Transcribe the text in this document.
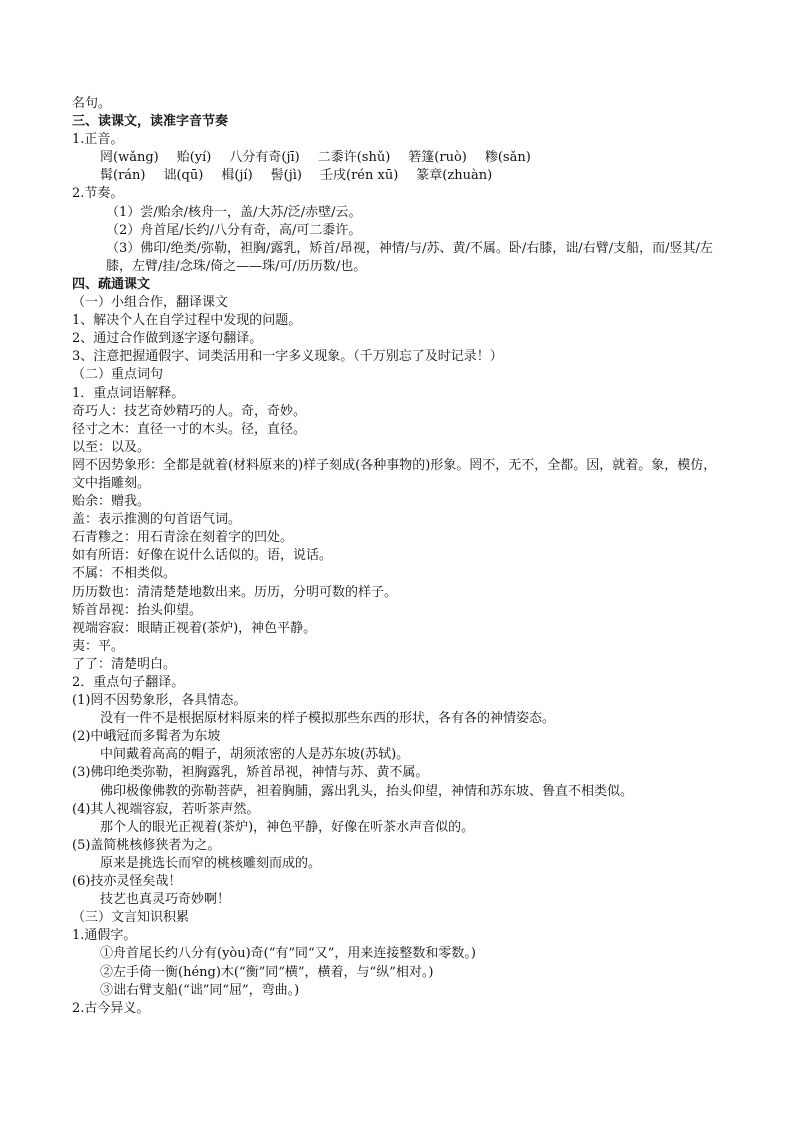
名句。
三、读课文，读准字音节奏
1.正音。
罔(wǎng) 贻(yí) 八分有奇(jī) 二黍许(shǔ) 箬篷(ruò) 糁(sǎn)
髯(rán) 诎(qū) 楫(jí) 髻(jì) 壬戌(rén xū) 篆章(zhuàn)
2.节奏。
（1）尝/贻余/核舟一，盖/大苏/泛/赤壁/云。
（2）舟首尾/长约/八分有奇，高/可二黍许。
（3）佛印/绝类/弥勒，袒胸/露乳，矫首/昂视，神情/与/苏、黄/不属。卧/右膝，诎/右臂/支船，而/竖其/左膝，左臂/挂/念珠/倚之——珠/可/历历数/也。
四、疏通课文
（一）小组合作，翻译课文
1、解决个人在自学过程中发现的问题。
2、通过合作做到逐字逐句翻译。
3、注意把握通假字、词类活用和一字多义现象。（千万别忘了及时记录！）
（二）重点词句
1．重点词语解释。
奇巧人：技艺奇妙精巧的人。奇，奇妙。
径寸之木：直径一寸的木头。径，直径。
以至：以及。
罔不因势象形：全都是就着(材料原来的)样子刻成(各种事物的)形象。罔不，无不，全都。因，就着。象，模仿，文中指雕刻。
贻余：赠我。
盖：表示推测的句首语气词。
石青糁之：用石青涂在刻着字的凹处。
如有所语：好像在说什么话似的。语，说话。
不属：不相类似。
历历数也：清清楚楚地数出来。历历，分明可数的样子。
矫首昂视：抬头仰望。
视端容寂：眼睛正视着(茶炉)，神色平静。
夷：平。
了了：清楚明白。
2．重点句子翻译。
(1)罔不因势象形，各具情态。
没有一件不是根据原材料原来的样子模拟那些东西的形状，各有各的神情姿态。
(2)中峨冠而多髯者为东坡
中间戴着高高的帽子，胡须浓密的人是苏东坡(苏轼)。
(3)佛印绝类弥勒，袒胸露乳，矫首昂视，神情与苏、黄不属。
佛印极像佛教的弥勒菩萨，袒着胸脯，露出乳头，抬头仰望，神情和苏东坡、鲁直不相类似。
(4)其人视端容寂，若听茶声然。
那个人的眼光正视着(茶炉)，神色平静，好像在听茶水声音似的。
(5)盖简桃核修狭者为之。
原来是挑选长而窄的桃核雕刻而成的。
(6)技亦灵怪矣哉！
技艺也真灵巧奇妙啊！
（三）文言知识积累
1.通假字。
①舟首尾长约八分有(yòu)奇(“有”同“又”，用来连接整数和零数。)
②左手倚一衡(héng)木(“衡”同“横”，横着，与“纵”相对。)
③诎右臂支船(“诎”同“屈”，弯曲。)
2.古今异义。
